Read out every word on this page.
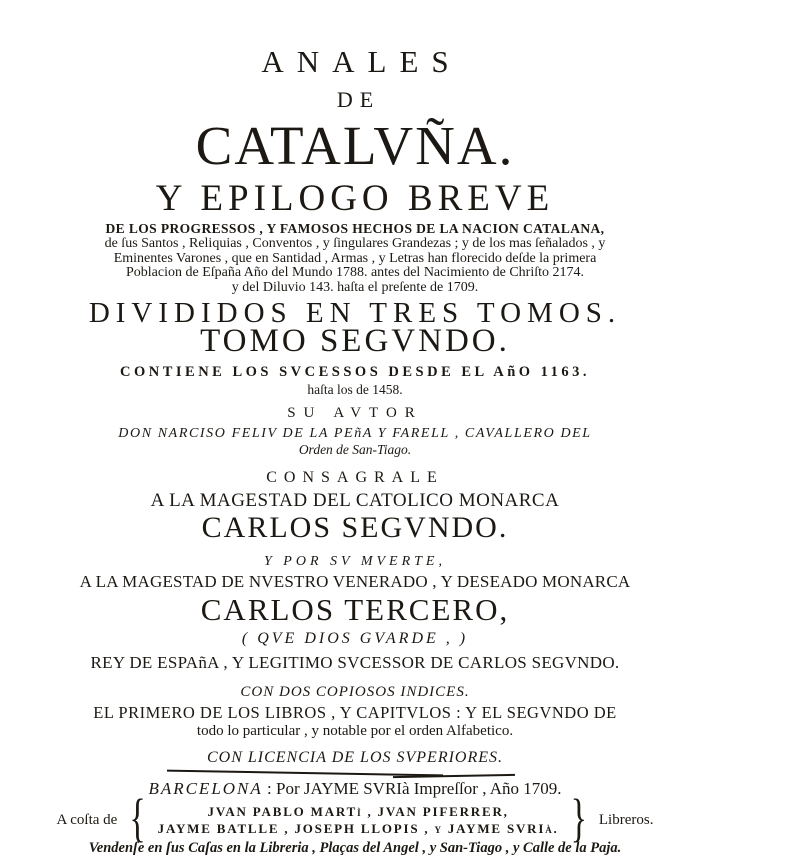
ANALES
DE
CATALVÑA.
Y EPILOGO BREVE
DE LOS PROGRESSOS , Y FAMOSOS HECHOS DE LA NACION CATALANA,
de ſus Santos , Reliquias , Conventos , y ſingulares Grandezas ; y de los mas ſeñalados , y
Eminentes Varones , que en Santidad , Armas , y Letras han florecido deſde la primera
Poblacion de Eſpaña Año del Mundo 1788. antes del Nacimiento de Chriſto 2174.
y del Diluvio 143. haſta el preſente de 1709.
DIVIDIDOS EN TRES TOMOS.
TOMO SEGVNDO.
CONTIENE LOS SVCESSOS DESDE EL AñO 1163.
haſta los de 1458.
SU AVTOR
DON NARCISO FELIV DE LA PEñA Y FARELL , CAVALLERO DEL
Orden de San-Tiago.
CONSAGRALE
A LA MAGESTAD DEL CATOLICO MONARCA
CARLOS SEGVNDO.
Y POR SV MVERTE,
A LA MAGESTAD DE NVESTRO VENERADO , Y DESEADO MONARCA
CARLOS TERCERO,
( QVE DIOS GVARDE , )
REY DE ESPAñA , Y LEGITIMO SVCESSOR DE CARLOS SEGVNDO.
CON DOS COPIOSOS INDICES.
EL PRIMERO DE LOS LIBROS , Y CAPITVLOS : Y EL SEGVNDO DE
todo lo particular , y notable por el orden Alfabetico.
CON LICENCIA DE LOS SVPERIORES.
BARCELONA : Por JAYME SVRIà Impreſſor , Año 1709.
A coſta de {	JVAN PABLO MARTì , JVAN PIFERRER,
JAYME BATLLE , JOSEPH LLOPIS , y JAYME SVRIà. } Libreros.
Vendenſe en ſus Caſas en la Libreria , Plaças del Angel , y San-Tiago , y Calle de la Paja.
